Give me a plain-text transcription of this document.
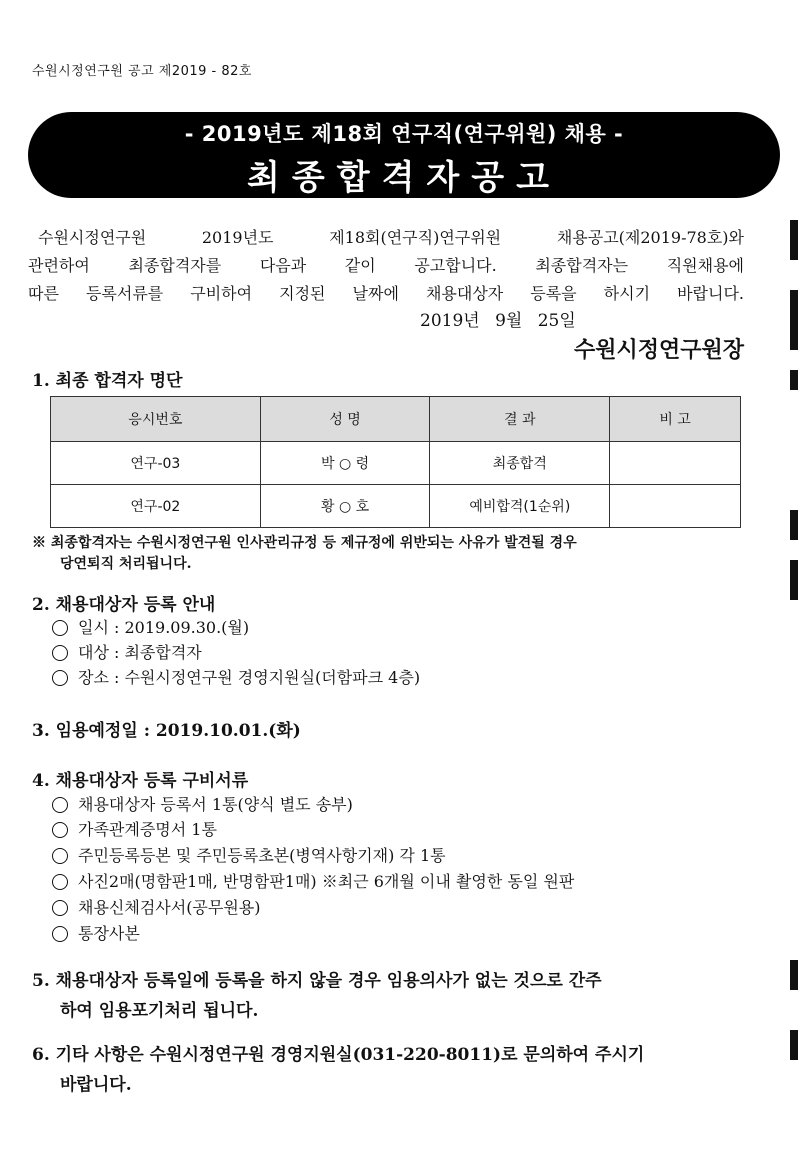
수원시정연구원 공고 제2019 - 82호
- 2019년도 제18회 연구직(연구위원) 채용 -
최종합격자공고
수원시정연구원 2019년도 제18회(연구직)연구위원 채용공고(제2019-78호)와
관련하여 최종합격자를 다음과 같이 공고합니다. 최종합격자는 직원채용에
따른 등록서류를 구비하여 지정된 날짜에 채용대상자 등록을 하시기 바랍니다.
2019년 9월 25일
수원시정연구원장
1. 최종 합격자 명단
응시번호	성 명	결 과	비 고
연구-03	박 ○ 령	최종합격	
연구-02	황 ○ 호	예비합격(1순위)	
※ 최종합격자는 수원시정연구원 인사관리규정 등 제규정에 위반되는 사유가 발견될 경우
당연퇴직 처리됩니다.
2. 채용대상자 등록 안내
일시 : 2019.09.30.(월)
대상 : 최종합격자
장소 : 수원시정연구원 경영지원실(더함파크 4층)
3. 임용예정일 : 2019.10.01.(화)
4. 채용대상자 등록 구비서류
채용대상자 등록서 1통(양식 별도 송부)
가족관계증명서 1통
주민등록등본 및 주민등록초본(병역사항기재) 각 1통
사진2매(명함판1매, 반명함판1매) ※최근 6개월 이내 촬영한 동일 원판
채용신체검사서(공무원용)
통장사본
5. 채용대상자 등록일에 등록을 하지 않을 경우 임용의사가 없는 것으로 간주
하여 임용포기처리 됩니다.
6. 기타 사항은 수원시정연구원 경영지원실(031-220-8011)로 문의하여 주시기
바랍니다.
